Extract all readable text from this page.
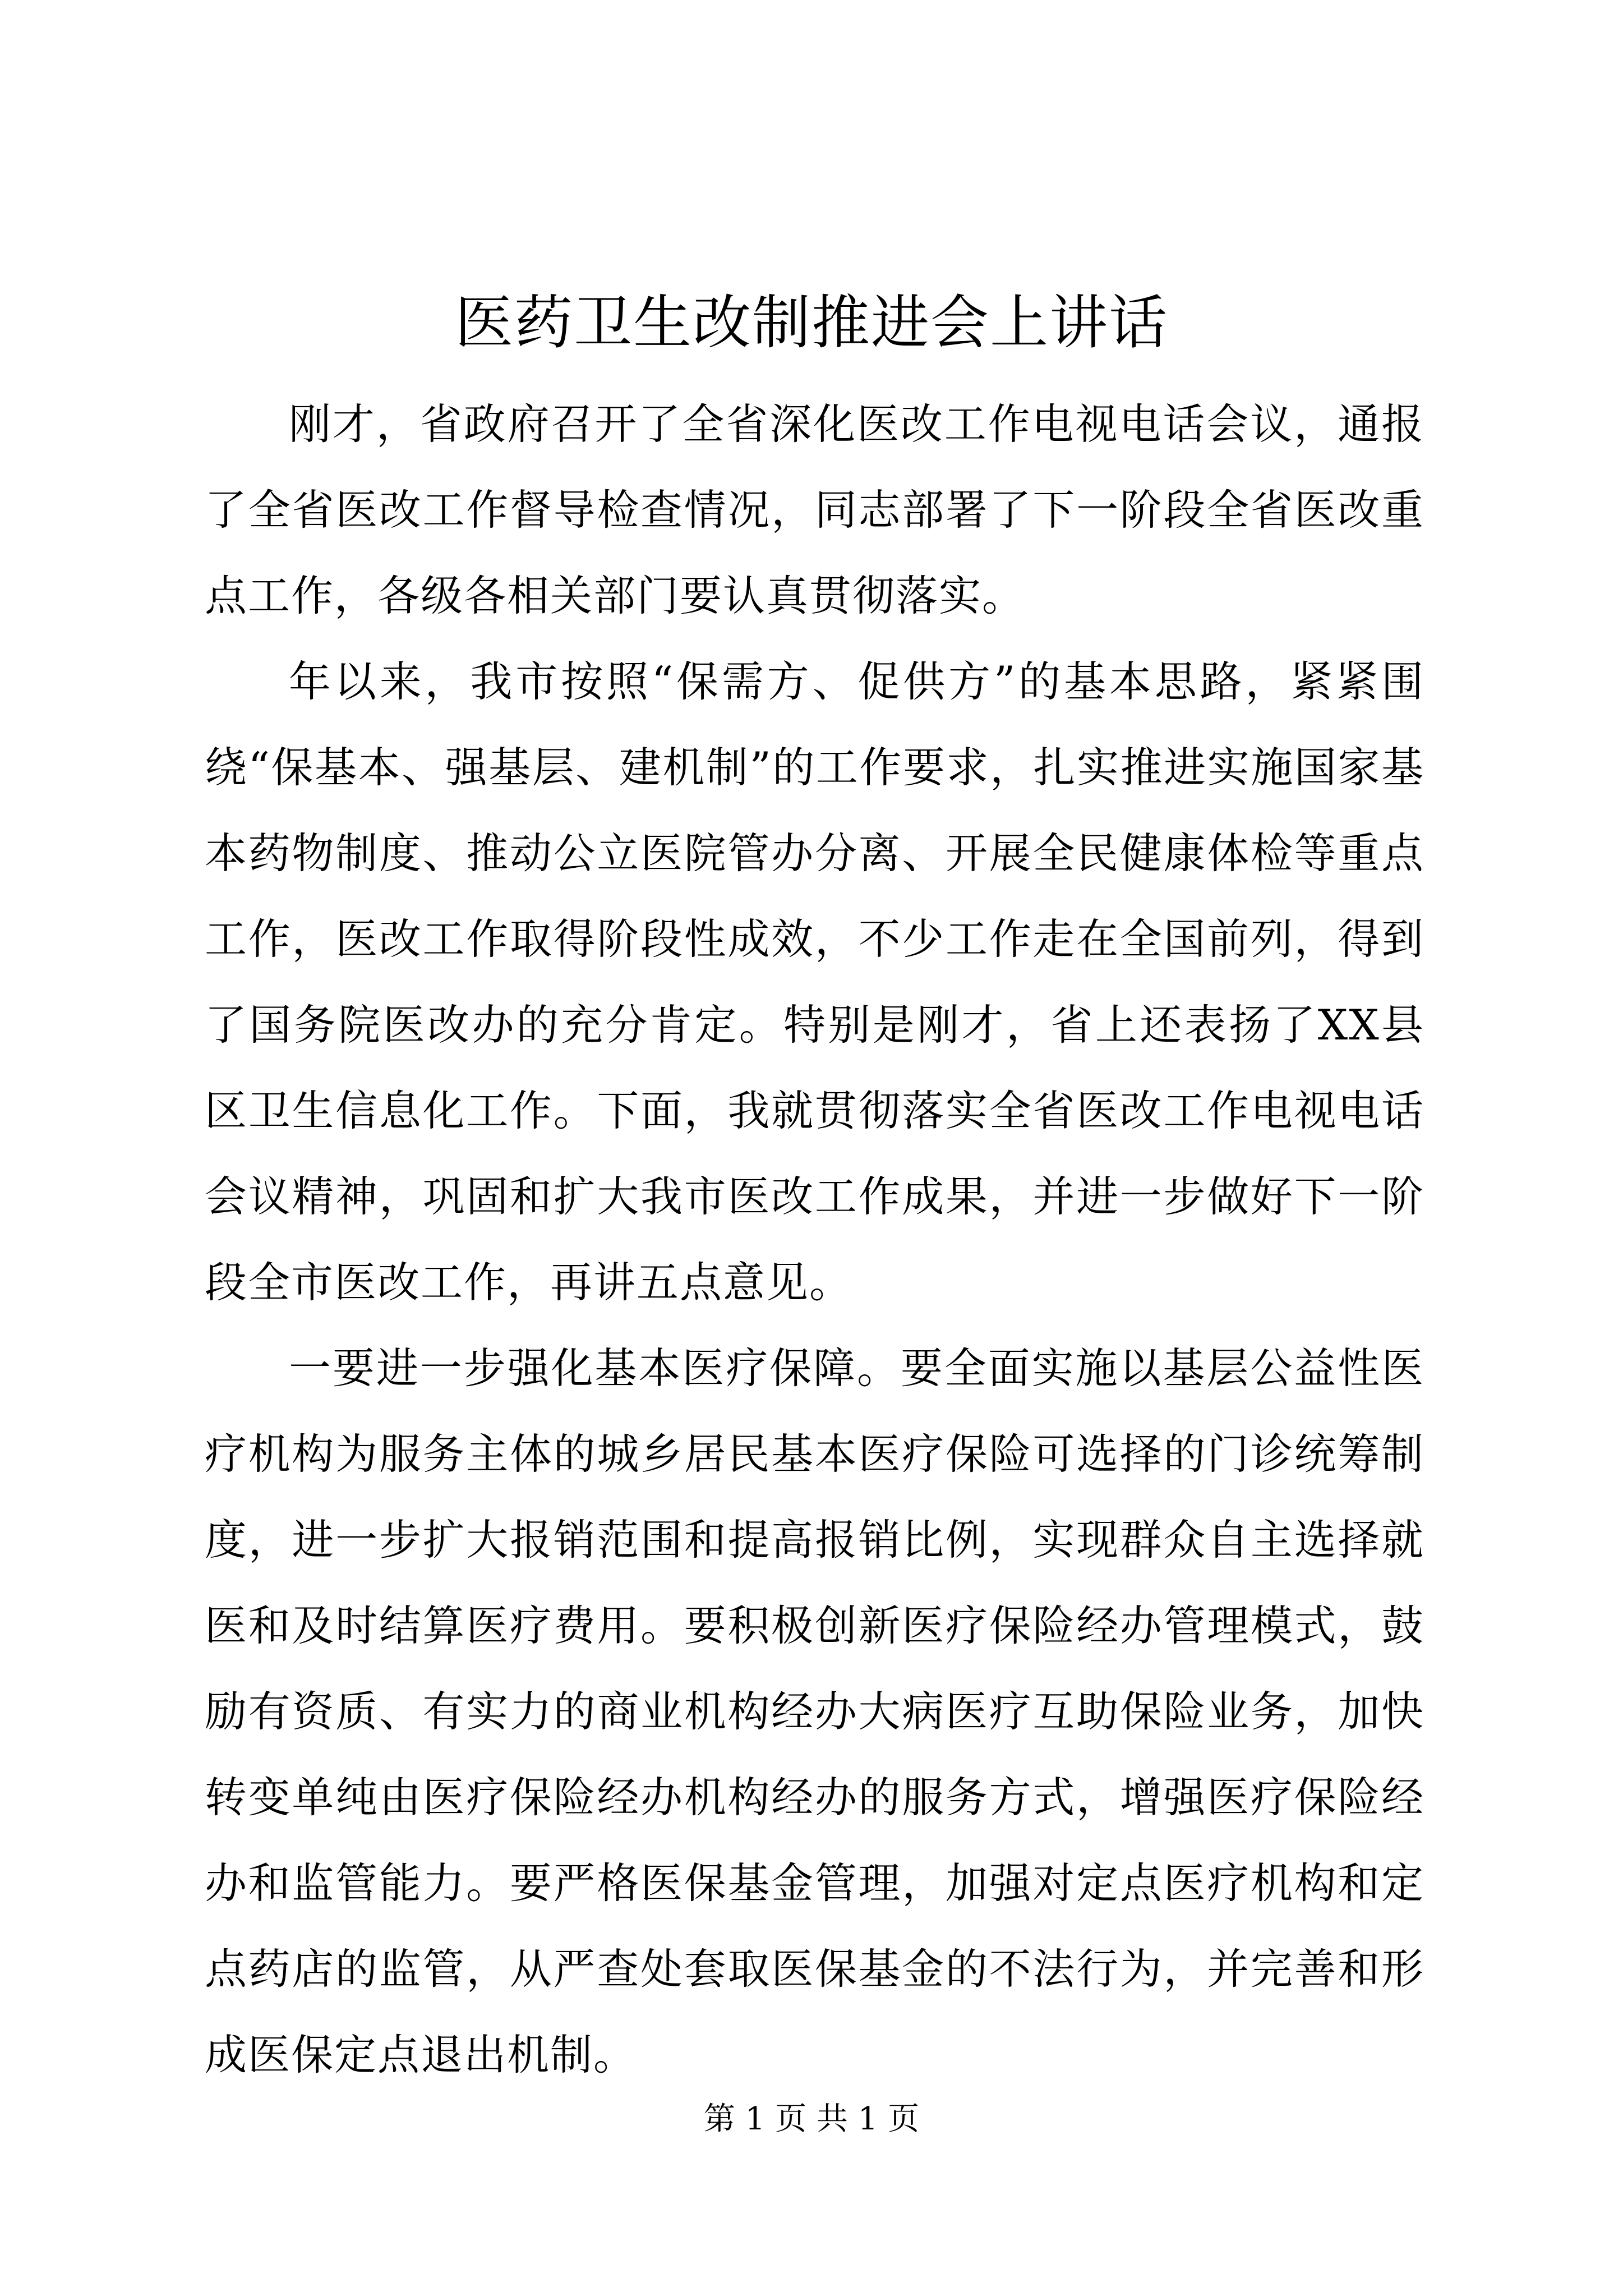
医药卫生改制推进会上讲话

刚才，省政府召开了全省深化医改工作电视电话会议，通报了全省医改工作督导检查情况，同志部署了下一阶段全省医改重点工作，各级各相关部门要认真贯彻落实。

年以来，我市按照“保需方、促供方”的基本思路，紧紧围绕“保基本、强基层、建机制”的工作要求，扎实推进实施国家基本药物制度、推动公立医院管办分离、开展全民健康体检等重点工作，医改工作取得阶段性成效，不少工作走在全国前列，得到了国务院医改办的充分肯定。特别是刚才，省上还表扬了XX县区卫生信息化工作。下面，我就贯彻落实全省医改工作电视电话会议精神，巩固和扩大我市医改工作成果，并进一步做好下一阶段全市医改工作，再讲五点意见。

一要进一步强化基本医疗保障。要全面实施以基层公益性医疗机构为服务主体的城乡居民基本医疗保险可选择的门诊统筹制度，进一步扩大报销范围和提高报销比例，实现群众自主选择就医和及时结算医疗费用。要积极创新医疗保险经办管理模式，鼓励有资质、有实力的商业机构经办大病医疗互助保险业务，加快转变单纯由医疗保险经办机构经办的服务方式，增强医疗保险经办和监管能力。要严格医保基金管理，加强对定点医疗机构和定点药店的监管，从严查处套取医保基金的不法行为，并完善和形成医保定点退出机制。

第 1 页 共 1 页
